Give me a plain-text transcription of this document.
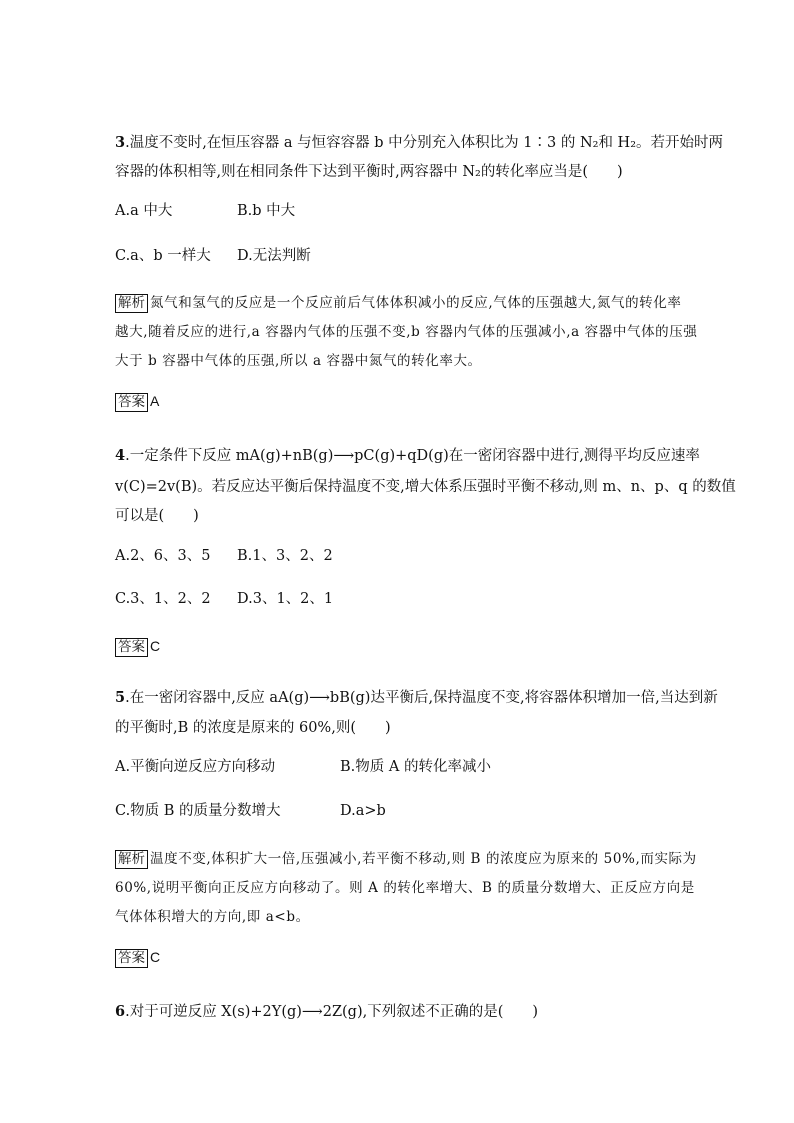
3.温度不变时,在恒压容器 a 与恒容容器 b 中分别充入体积比为 1∶3 的 N₂和 H₂。若开始时两
容器的体积相等,则在相同条件下达到平衡时,两容器中 N₂的转化率应当是(　　)
A.a 中大	B.b 中大
C.a、b 一样大 D.无法判断
解析 氮气和氢气的反应是一个反应前后气体体积减小的反应,气体的压强越大,氮气的转化率
越大,随着反应的进行,a 容器内气体的压强不变,b 容器内气体的压强减小,a 容器中气体的压强
大于 b 容器中气体的压强,所以 a 容器中氮气的转化率大。
答案 A
4.一定条件下反应 mA(g)+nB(g)⟶pC(g)+qD(g)在一密闭容器中进行,测得平均反应速率
v(C)=2v(B)。若反应达平衡后保持温度不变,增大体系压强时平衡不移动,则 m、n、p、q 的数值
可以是(　　)
A.2、6、3、5 B.1、3、2、2
C.3、1、2、2 D.3、1、2、1
答案 C
5.在一密闭容器中,反应 aA(g)⟶bB(g)达平衡后,保持温度不变,将容器体积增加一倍,当达到新
的平衡时,B 的浓度是原来的 60%,则(　　)
A.平衡向逆反应方向移动	B.物质 A 的转化率减小
C.物质 B 的质量分数增大	D.a>b
解析 温度不变,体积扩大一倍,压强减小,若平衡不移动,则 B 的浓度应为原来的 50%,而实际为
60%,说明平衡向正反应方向移动了。则 A 的转化率增大、B 的质量分数增大、正反应方向是
气体体积增大的方向,即 a<b。
答案 C
6.对于可逆反应 X(s)+2Y(g)⟶2Z(g),下列叙述不正确的是(　　)
